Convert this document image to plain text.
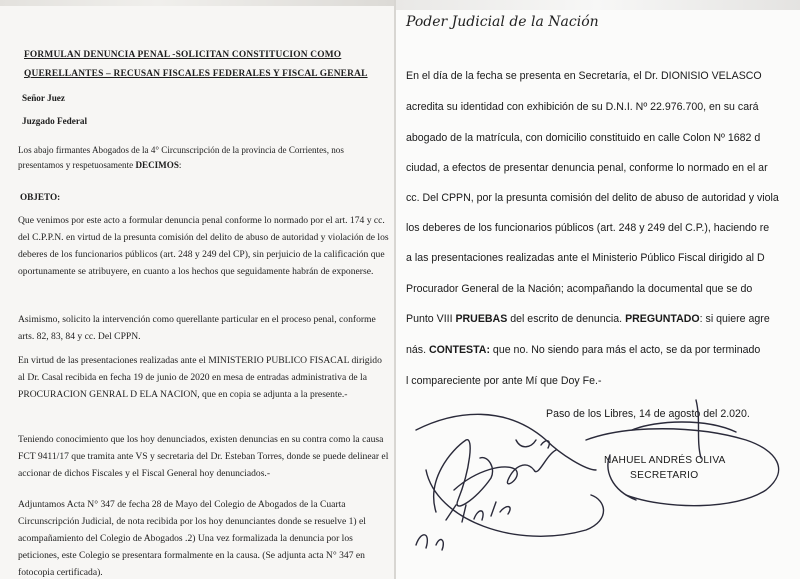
FORMULAN DENUNCIA PENAL -SOLICITAN CONSTITUCION COMO
QUERELLANTES – RECUSAN FISCALES FEDERALES Y FISCAL GENERAL

Señor Juez

Juzgado Federal

Los abajo firmantes Abogados de la 4° Circunscripción de la provincia de Corrientes, nos presentamos y respetuosamente DECIMOS:

OBJETO:

Que venimos por este acto a formular denuncia penal conforme lo normado por el art. 174 y cc. del C.P.P.N. en virtud de la presunta comisión del delito de abuso de autoridad y violación de los deberes de los funcionarios públicos (art. 248 y 249 del CP), sin perjuicio de la calificación que oportunamente se atribuyere, en cuanto a los hechos que seguidamente habrán de exponerse.

Asimismo, solicito la intervención como querellante particular en el proceso penal, conforme arts. 82, 83, 84 y cc. Del CPPN.

En virtud de las presentaciones realizadas ante el MINISTERIO PUBLICO FISACAL dirigido al Dr. Casal recibida en fecha 19 de junio de 2020 en mesa de entradas administrativa de la PROCURACION GENRAL D ELA NACION, que en copia se adjunta a la presente.-

Teniendo conocimiento que los hoy denunciados, existen denuncias en su contra como la causa FCT 9411/17 que tramita ante VS y secretaria del Dr. Esteban Torres, donde se puede delinear el accionar de dichos Fiscales y el Fiscal General hoy denunciados.-

Adjuntamos Acta N° 347 de fecha 28 de Mayo del Colegio de Abogados de la Cuarta Circunscripción Judicial, de nota recibida por los hoy denunciantes donde se resuelve 1) el acompañamiento del Colegio de Abogados .2) Una vez formalizada la denuncia por los peticiones, este Colegio se presentara formalmente en la causa. (Se adjunta acta N° 347 en fotocopia certificada).

Poder Judicial de la Nación

En el día de la fecha se presenta en Secretaría, el Dr. DIONISIO VELASCO

acredita su identidad con exhibición de su D.N.I. Nº 22.976.700, en su cará

abogado de la matrícula, con domicilio constituido en calle Colon Nº 1682 d

ciudad, a efectos de presentar denuncia penal, conforme lo normado en el ar

cc. Del CPPN, por la presunta comisión del delito de abuso de autoridad y viola

los deberes de los funcionarios públicos (art. 248 y 249 del C.P.), haciendo re

a las presentaciones realizadas ante el Ministerio Público Fiscal dirigido al D

Procurador General de la Nación; acompañando la documental que se do

Punto VIII PRUEBAS del escrito de denuncia. PREGUNTADO: si quiere agre

nás. CONTESTA: que no. No siendo para más el acto, se da por terminado

l compareciente por ante Mí que Doy Fe.-

Paso de los Libres, 14 de agosto del 2.020.

NAHUEL ANDRÉS OLIVA

SECRETARIO
